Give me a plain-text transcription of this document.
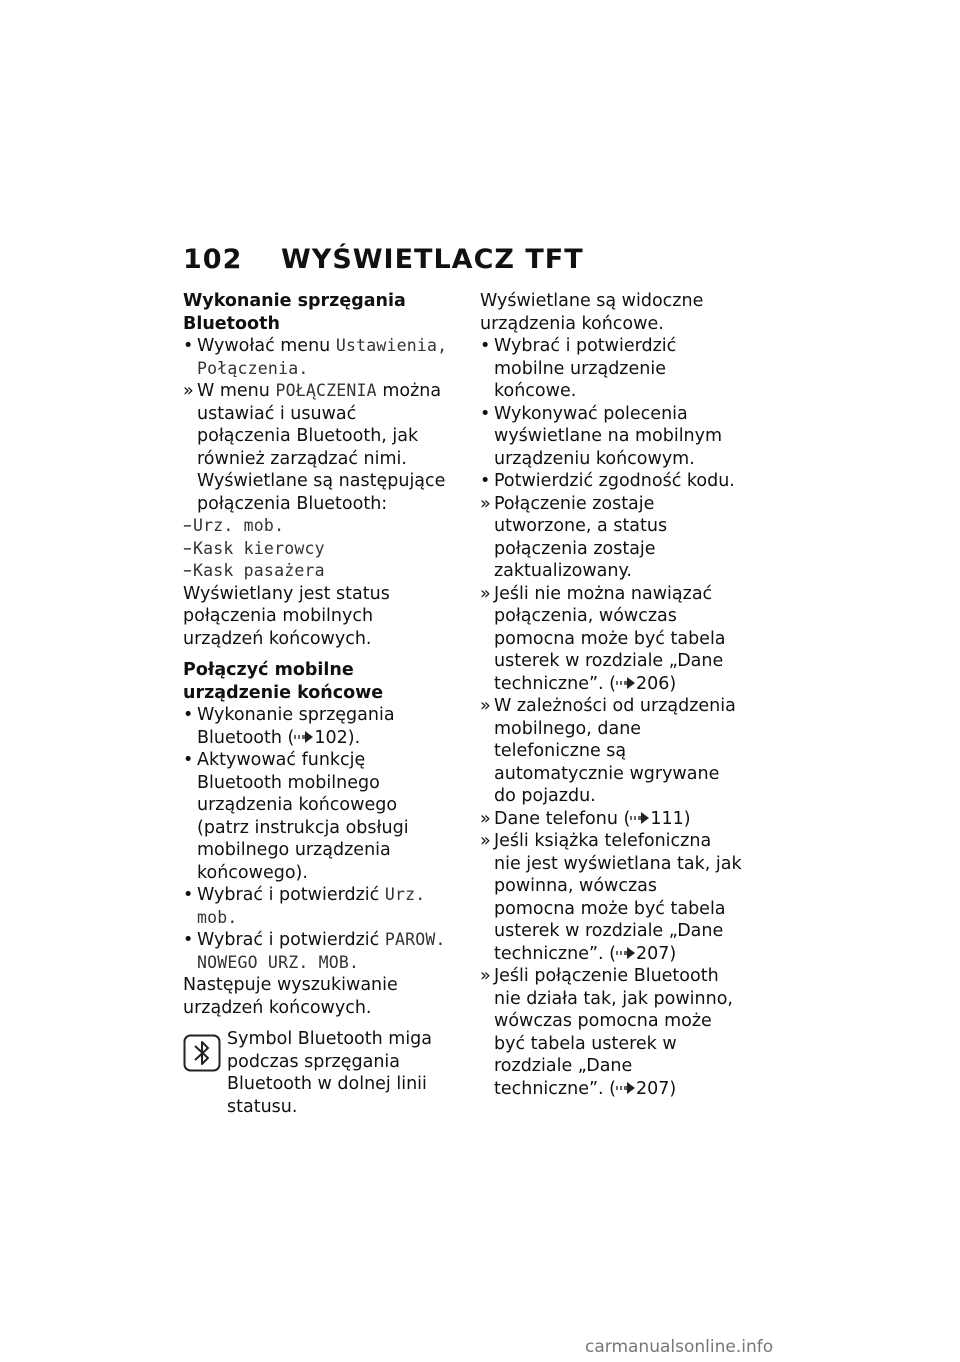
102 WYŚWIETLACZ TFT
Wykonanie sprzęgania Bluetooth
• Wywołać menu Ustawienia, Połączenia.
» W menu POŁĄCZENIA można ustawiać i usuwać połączenia Bluetooth, jak również zarządzać nimi. Wyświetlane są następujące połączenia Bluetooth:
– Urz. mob.
– Kask kierowcy
– Kask pasażera
Wyświetlany jest status połączenia mobilnych urządzeń końcowych.
Połączyć mobilne urządzenie końcowe
• Wykonanie sprzęgania Bluetooth ( 102).
• Aktywować funkcję Bluetooth mobilnego urządzenia końcowego (patrz instrukcja obsługi mobilnego urządzenia końcowego).
• Wybrać i potwierdzić Urz. mob.
• Wybrać i potwierdzić PAROW. NOWEGO URZ. MOB.
Następuje wyszukiwanie urządzeń końcowych.
Symbol Bluetooth miga podczas sprzęgania Bluetooth w dolnej linii statusu.
Wyświetlane są widoczne urządzenia końcowe.
• Wybrać i potwierdzić mobilne urządzenie końcowe.
• Wykonywać polecenia wyświetlane na mobilnym urządzeniu końcowym.
• Potwierdzić zgodność kodu.
» Połączenie zostaje utworzone, a status połączenia zostaje zaktualizowany.
» Jeśli nie można nawiązać połączenia, wówczas pomocna może być tabela usterek w rozdziale „Dane techniczne”. ( 206)
» W zależności od urządzenia mobilnego, dane telefoniczne są automatycznie wgrywane do pojazdu.
» Dane telefonu ( 111)
» Jeśli książka telefoniczna nie jest wyświetlana tak, jak powinna, wówczas pomocna może być tabela usterek w rozdziale „Dane techniczne”. ( 207)
» Jeśli połączenie Bluetooth nie działa tak, jak powinno, wówczas pomocna może być tabela usterek w rozdziale „Dane techniczne”. ( 207)
carmanualsonline.info
